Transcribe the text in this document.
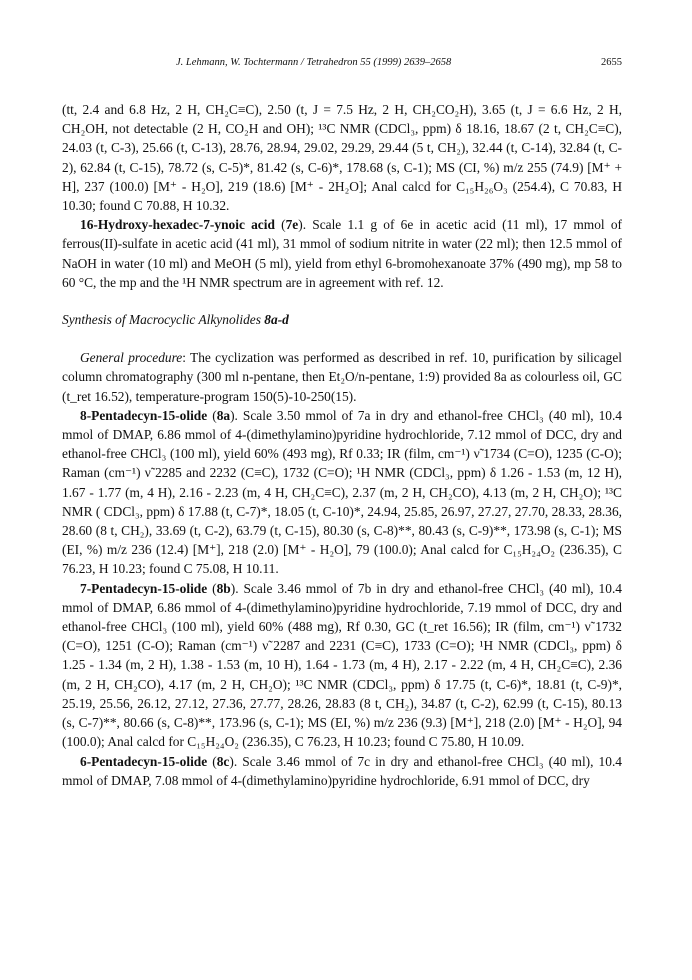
J. Lehmann, W. Tochtermann / Tetrahedron 55 (1999) 2639–2658	2655

(tt, 2.4 and 6.8 Hz, 2 H, CH₂C≡C), 2.50 (t, J = 7.5 Hz, 2 H, CH₂CO₂H), 3.65 (t, J = 6.6 Hz, 2 H, CH₂OH, not detectable (2 H, CO₂H and OH); ¹³C NMR (CDCl₃, ppm) δ 18.16, 18.67 (2 t, CH₂C≡C), 24.03 (t, C-3), 25.66 (t, C-13), 28.76, 28.94, 29.02, 29.29, 29.44 (5 t, CH₂), 32.44 (t, C-14), 32.84 (t, C-2), 62.84 (t, C-15), 78.72 (s, C-5)*, 81.42 (s, C-6)*, 178.68 (s, C-1); MS (CI, %) m/z 255 (74.9) [M⁺ + H], 237 (100.0) [M⁺ - H₂O], 219 (18.6) [M⁺ - 2H₂O]; Anal calcd for C₁₅H₂₆O₃ (254.4), C 70.83, H 10.30; found C 70.88, H 10.32.

16-Hydroxy-hexadec-7-ynoic acid (7e). Scale 1.1 g of 6e in acetic acid (11 ml), 17 mmol of ferrous(II)-sulfate in acetic acid (41 ml), 31 mmol of sodium nitrite in water (22 ml); then 12.5 mmol of NaOH in water (10 ml) and MeOH (5 ml), yield from ethyl 6-bromohexanoate 37% (490 mg), mp 58 to 60 °C, the mp and the ¹H NMR spectrum are in agreement with ref. 12.

Synthesis of Macrocyclic Alkynolides 8a-d

General procedure: The cyclization was performed as described in ref. 10, purification by silicagel column chromatography (300 ml n-pentane, then Et₂O/n-pentane, 1:9) provided 8a as colourless oil, GC (t_ret 16.52), temperature-program 150(5)-10-250(15).

8-Pentadecyn-15-olide (8a). Scale 3.50 mmol of 7a in dry and ethanol-free CHCl₃ (40 ml), 10.4 mmol of DMAP, 6.86 mmol of 4-(dimethylamino)pyridine hydrochloride, 7.12 mmol of DCC, dry and ethanol-free CHCl₃ (100 ml), yield 60% (493 mg), Rf 0.33; IR (film, cm⁻¹) ν̃ 1734 (C=O), 1235 (C-O); Raman (cm⁻¹) ν̃ 2285 and 2232 (C≡C), 1732 (C=O); ¹H NMR (CDCl₃, ppm) δ 1.26 - 1.53 (m, 12 H), 1.67 - 1.77 (m, 4 H), 2.16 - 2.23 (m, 4 H, CH₂C≡C), 2.37 (m, 2 H, CH₂CO), 4.13 (m, 2 H, CH₂O); ¹³C NMR ( CDCl₃, ppm) δ 17.88 (t, C-7)*, 18.05 (t, C-10)*, 24.94, 25.85, 26.97, 27.27, 27.70, 28.33, 28.36, 28.60 (8 t, CH₂), 33.69 (t, C-2), 63.79 (t, C-15), 80.30 (s, C-8)**, 80.43 (s, C-9)**, 173.98 (s, C-1); MS (EI, %) m/z 236 (12.4) [M⁺], 218 (2.0) [M⁺ - H₂O], 79 (100.0); Anal calcd for C₁₅H₂₄O₂ (236.35), C 76.23, H 10.23; found C 75.08, H 10.11.

7-Pentadecyn-15-olide (8b). Scale 3.46 mmol of 7b in dry and ethanol-free CHCl₃ (40 ml), 10.4 mmol of DMAP, 6.86 mmol of 4-(dimethylamino)pyridine hydrochloride, 7.19 mmol of DCC, dry and ethanol-free CHCl₃ (100 ml), yield 60% (488 mg), Rf 0.30, GC (t_ret 16.56); IR (film, cm⁻¹) ν̃ 1732 (C=O), 1251 (C-O); Raman (cm⁻¹) ν̃ 2287 and 2231 (C≡C), 1733 (C=O); ¹H NMR (CDCl₃, ppm) δ 1.25 - 1.34 (m, 2 H), 1.38 - 1.53 (m, 10 H), 1.64 - 1.73 (m, 4 H), 2.17 - 2.22 (m, 4 H, CH₂C≡C), 2.36 (m, 2 H, CH₂CO), 4.17 (m, 2 H, CH₂O); ¹³C NMR (CDCl₃, ppm) δ 17.75 (t, C-6)*, 18.81 (t, C-9)*, 25.19, 25.56, 26.12, 27.12, 27.36, 27.77, 28.26, 28.83 (8 t, CH₂), 34.87 (t, C-2), 62.99 (t, C-15), 80.13 (s, C-7)**, 80.66 (s, C-8)**, 173.96 (s, C-1); MS (EI, %) m/z 236 (9.3) [M⁺], 218 (2.0) [M⁺ - H₂O], 94 (100.0); Anal calcd for C₁₅H₂₄O₂ (236.35), C 76.23, H 10.23; found C 75.80, H 10.09.

6-Pentadecyn-15-olide (8c). Scale 3.46 mmol of 7c in dry and ethanol-free CHCl₃ (40 ml), 10.4 mmol of DMAP, 7.08 mmol of 4-(dimethylamino)pyridine hydrochloride, 6.91 mmol of DCC, dry
